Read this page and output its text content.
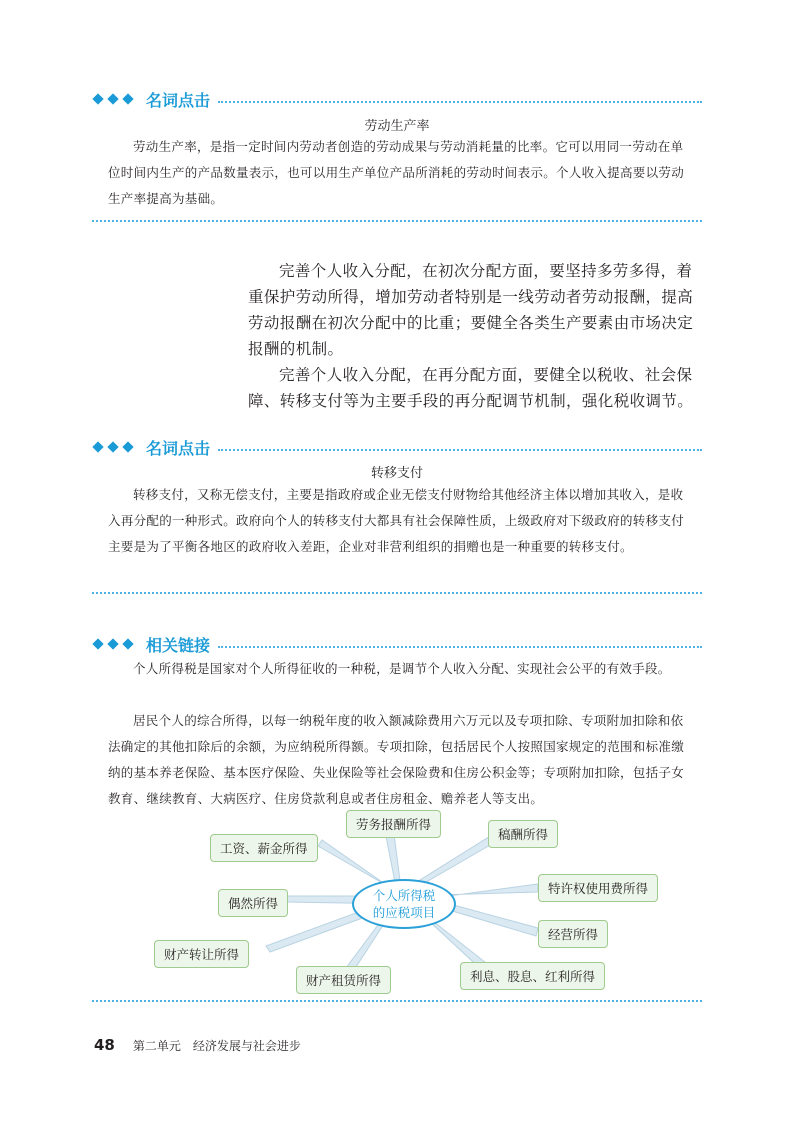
名词点击
劳动生产率

劳动生产率，是指一定时间内劳动者创造的劳动成果与劳动消耗量的比率。它可以用同一劳动在单位时间内生产的产品数量表示，也可以用生产单位产品所消耗的劳动时间表示。个人收入提高要以劳动生产率提高为基础。

完善个人收入分配，在初次分配方面，要坚持多劳多得，着重保护劳动所得，增加劳动者特别是一线劳动者劳动报酬，提高劳动报酬在初次分配中的比重；要健全各类生产要素由市场决定报酬的机制。

完善个人收入分配，在再分配方面，要健全以税收、社会保障、转移支付等为主要手段的再分配调节机制，强化税收调节。

名词点击
转移支付

转移支付，又称无偿支付，主要是指政府或企业无偿支付财物给其他经济主体以增加其收入，是收入再分配的一种形式。政府向个人的转移支付大都具有社会保障性质，上级政府对下级政府的转移支付主要是为了平衡各地区的政府收入差距，企业对非营利组织的捐赠也是一种重要的转移支付。

相关链接

个人所得税是国家对个人所得征收的一种税，是调节个人收入分配、实现社会公平的有效手段。

居民个人的综合所得，以每一纳税年度的收入额减除费用六万元以及专项扣除、专项附加扣除和依法确定的其他扣除后的余额，为应纳税所得额。专项扣除，包括居民个人按照国家规定的范围和标准缴纳的基本养老保险、基本医疗保险、失业保险等社会保险费和住房公积金等；专项附加扣除，包括子女教育、继续教育、大病医疗、住房贷款利息或者住房租金、赡养老人等支出。

劳务报酬所得
稿酬所得
工资、薪金所得
特许权使用费所得
偶然所得
经营所得
财产转让所得
财产租赁所得	利息、股息、红利所得
个人所得税
的应税项目
48 第二单元　经济发展与社会进步
